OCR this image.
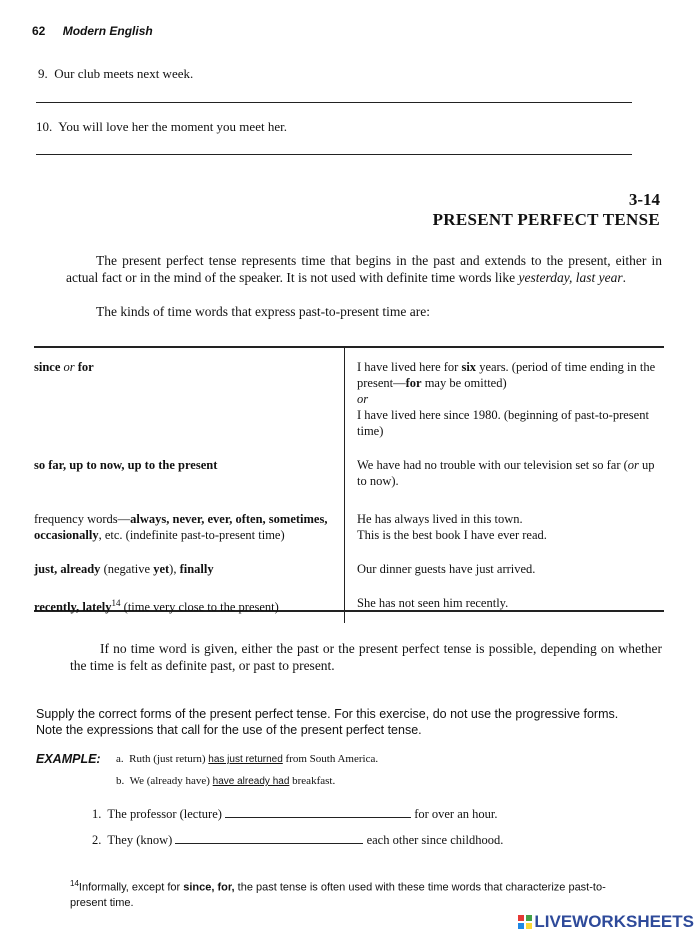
62 Modern English
9. Our club meets next week.
10. You will love her the moment you meet her.
3-14
PRESENT PERFECT TENSE
The present perfect tense represents time that begins in the past and extends to the present, either in actual fact or in the mind of the speaker. It is not used with definite time words like yesterday, last year.
The kinds of time words that express past-to-present time are:
since or for	I have lived here for six years. (period of time ending in the present—for may be omitted)
or
I have lived here since 1980. (beginning of past-to-present time)
so far, up to now, up to the present	We have had no trouble with our television set so far (or up to now).
frequency words—always, never, ever, often, sometimes, occasionally, etc. (indefinite past-to-present time)	He has always lived in this town.
This is the best book I have ever read.
just, already (negative yet), finally	Our dinner guests have just arrived.
recently, lately$^{14}$ (time very close to the present)	She has not seen him recently.
If no time word is given, either the past or the present perfect tense is possible, depending on whether the time is felt as definite past, or past to present.
Supply the correct forms of the present perfect tense. For this exercise, do not use the progressive forms. Note the expressions that call for the use of the present perfect tense.
EXAMPLE: a. Ruth (just return) has just returned from South America.
b. We (already have) have already had breakfast.
1. The professor (lecture)	for over an hour.
2. They (know)	each other since childhood.
$^{14}$Informally, except for since, for, the past tense is often used with these time words that characterize past-to-present time.
LIVEWORKSHEETS
